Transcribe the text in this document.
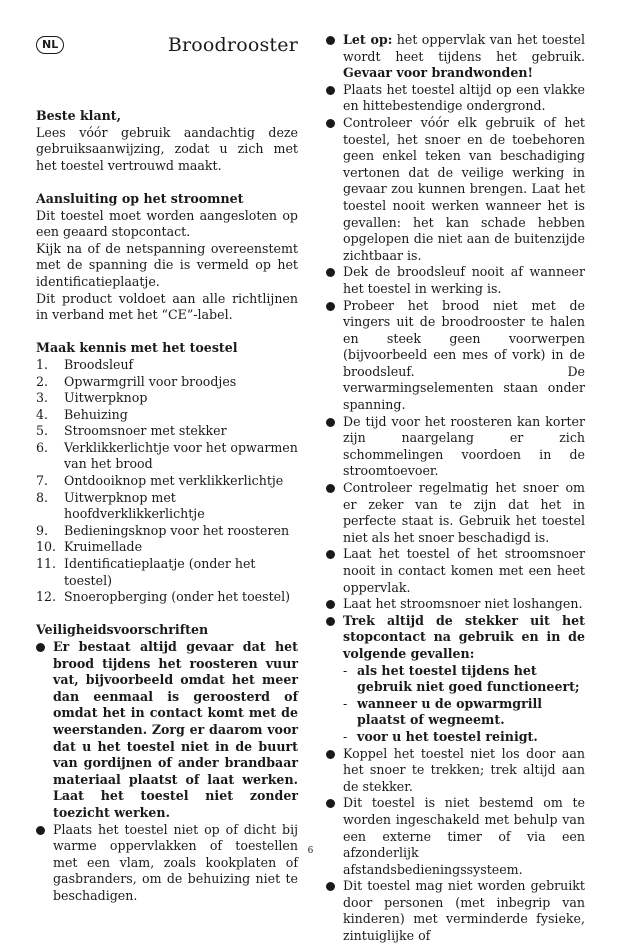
NL	Broodrooster
Beste klant,

Lees vóór gebruik aandachtig deze gebruiksaanwijzing, zodat u zich met het toestel vertrouwd maakt.

Aansluiting op het stroomnet

Dit toestel moet worden aangesloten op een geaard stopcontact.

Kijk na of de netspanning overeenstemt met de spanning die is vermeld op het identificatieplaatje.

Dit product voldoet aan alle richtlijnen in verband met het “CE”-label.

Maak kennis met het toestel
1.	Broodsleuf
2.	Opwarmgrill voor broodjes
3.	Uitwerpknop
4.	Behuizing
5.	Stroomsnoer met stekker
6.	Verklikkerlichtje voor het opwarmen van het brood
7.	Ontdooiknop met verklikkerlichtje
8.	Uitwerpknop met hoofdverklikkerlichtje
9.	Bedieningsknop voor het roosteren
10. Kruimellade
11. Identificatieplaatje (onder het toestel)
12. Snoeropberging (onder het toestel)
Veiligheidsvoorschriften
Er bestaat altijd gevaar dat het brood tijdens het roosteren vuur vat, bijvoorbeeld omdat het meer dan eenmaal is geroosterd of omdat het in contact komt met de weerstanden. Zorg er daarom voor dat u het toestel niet in de buurt van gordijnen of ander brandbaar materiaal plaatst of laat werken. Laat het toestel niet zonder toezicht werken.
Plaats het toestel niet op of dicht bij warme oppervlakken of toestellen met een vlam, zoals kookplaten of gasbranders, om de behuizing niet te beschadigen.
Let op: het oppervlak van het toestel wordt heet tijdens het gebruik. Gevaar voor brandwonden!
Plaats het toestel altijd op een vlakke en hittebestendige ondergrond.
Controleer vóór elk gebruik of het toestel, het snoer en de toebehoren geen enkel teken van beschadiging vertonen dat de veilige werking in gevaar zou kunnen brengen. Laat het toestel nooit werken wanneer het is gevallen: het kan schade hebben opgelopen die niet aan de buitenzijde zichtbaar is.
Dek de broodsleuf nooit af wanneer het toestel in werking is.
Probeer het brood niet met de vingers uit de broodrooster te halen en steek geen voorwerpen (bijvoorbeeld een mes of vork) in de broodsleuf. De verwarmingselementen staan onder spanning.
De tijd voor het roosteren kan korter zijn naargelang er zich schommelingen voordoen in de stroomtoevoer.
Controleer regelmatig het snoer om er zeker van te zijn dat het in perfecte staat is. Gebruik het toestel niet als het snoer beschadigd is.
Laat het toestel of het stroomsnoer nooit in contact komen met een heet oppervlak.
Laat het stroomsnoer niet loshangen.
Trek altijd de stekker uit het stopcontact na gebruik en in de volgende gevallen:
- als het toestel tijdens het gebruik niet goed functioneert;
- wanneer u de opwarmgrill plaatst of wegneemt.
- voor u het toestel reinigt.
Koppel het toestel niet los door aan het snoer te trekken; trek altijd aan de stekker.
Dit toestel is niet bestemd om te worden ingeschakeld met behulp van een externe timer of via een afzonderlijk afstandsbedieningssysteem.
Dit toestel mag niet worden gebruikt door personen (met inbegrip van kinderen) met verminderde fysieke, zintuiglijke of
6
